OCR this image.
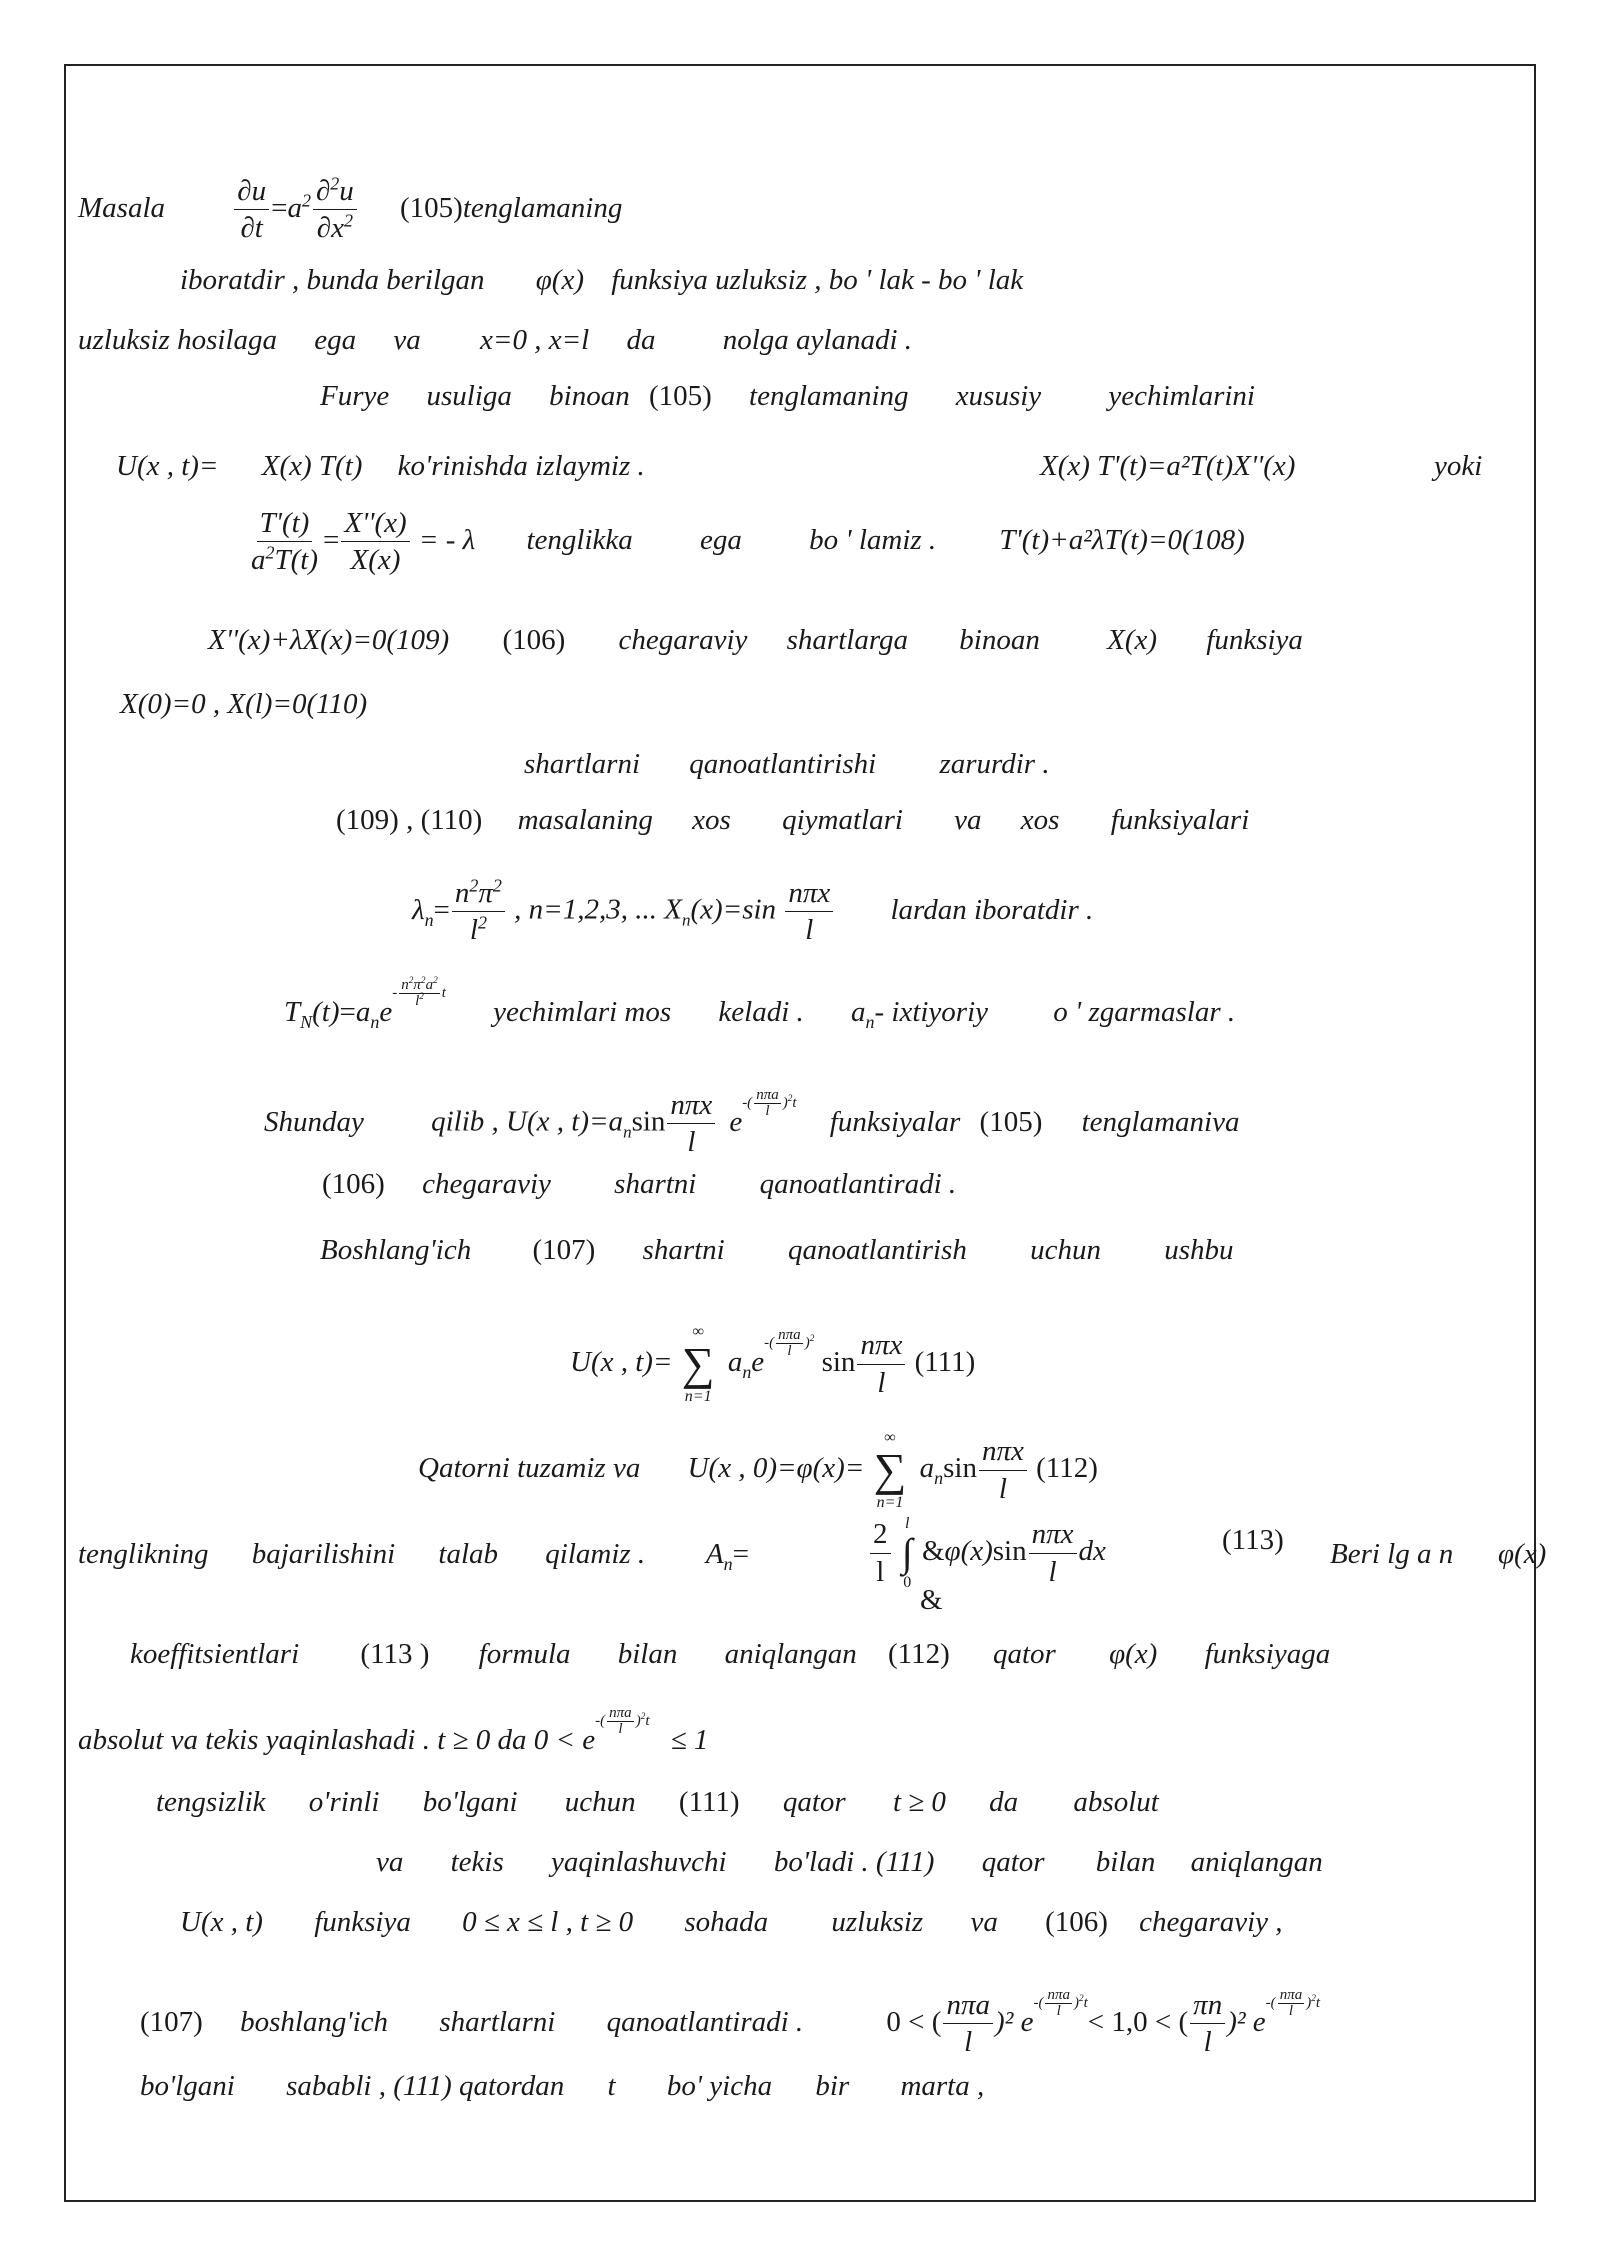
Masala $\frac{\partial u}{\partial t} =a^2 \frac{\partial^2u}{\partial x^2}$ (105)tenglamaning
iboratdir , bunda berilgan φ(x) funksiya uzluksiz , bo ' lak - bo ' lak
uzluksiz hosilaga ega va x=0 , x=l da nolga aylanadi .
Furye usuliga binoan (105) tenglamaning xususiy yechimlarini
U(x , t)= X(x) T(t) ko'rinishda izlaymiz .	X(x) T'(t)=a²T(t)X''(x)	yoki
$\frac{T'(t)}{a^2T(t)} = \frac{X''(x)}{X(x)}$ = - λ tenglikka ega bo ' lamiz . T'(t)+a²λT(t)=0(108)
X''(x)+λX(x)=0(109) (106) chegaraviy shartlarga binoan X(x) funksiya
X(0)=0 , X(l)=0(110)
shartlarni qanoatlantirishi zarurdir .
(109) , (110) masalaning xos qiymatlari va xos funksiyalari
$\lambda_n= \frac{n^2\pi^2}{l^2}$ , n=1,2,3, ... $X_n(x)=\sin \frac{\text{nπx}}{l}$ lardan iboratdir .
$T_N(t)=a_ne^{- \frac{n^2\pi^2a^2}{l^2} t}$ yechimlari mos keladi . $a_n-$ ixtiyoriy o ' zgarmaslar .
Shunday qilib , U(x , $t)=a_n\sin \frac{\text{nπx}}{l} e^{-( \frac{\text{nπa}}{l} )^2t}$ funksiyalar (105) tenglamaniva
(106) chegaraviy shartni qanoatlantiradi .
Boshlang'ich (107) shartni qanoatlantirish uchun ushbu
U(x , t)=
∞
∑
n=1
$a_ne^{-( \frac{\text{nπa}}{l} )^2}$ $\sin \frac{\text{nπx}}{l} (111)$
Qatorni tuzamiz va U(x , 0)=φ(x)=
∞
∑
n=1
$a_n\sin \frac{\text{nπx}}{l} (112)$
tenglikning bajarilishini talab qilamiz . $A_n=$	$\frac{2}{l}$
l
∫
0
&φ(x)sin $\frac{\text{nπx}}{l}$ dx
&
(113) Beri lg a n φ(x)
koeffitsientlari (113 ) formula bilan aniqlangan (112) qator φ(x) funksiyaga
absolut va tekis yaqinlashadi . t ≥ 0 da $0 < e^{-( \frac{\text{nπa}}{l} )^2t} \le 1$
tengsizlik o'rinli bo'lgani uchun (111) qator t ≥ 0 da absolut
va tekis yaqinlashuvchi bo'ladi . (111) qator bilan aniqlangan
U(x , t) funksiya 0 ≤ x ≤ l , t ≥ 0 sohada uzluksiz va (106) chegaraviy ,
(107) boshlang'ich shartlarni qanoatlantiradi .	0 < ( $\frac{\text{nπa}}{l} )^2$ $e^{-( \frac{\text{nπa}}{l} )^2t}< 1,0$ < ( $\frac{\pi n}{l} )^2$ $e^{-( \frac{\text{nπa}}{l} )^2t}$
bo'lgani sababli , (111) qatordan t bo' yicha bir marta ,
